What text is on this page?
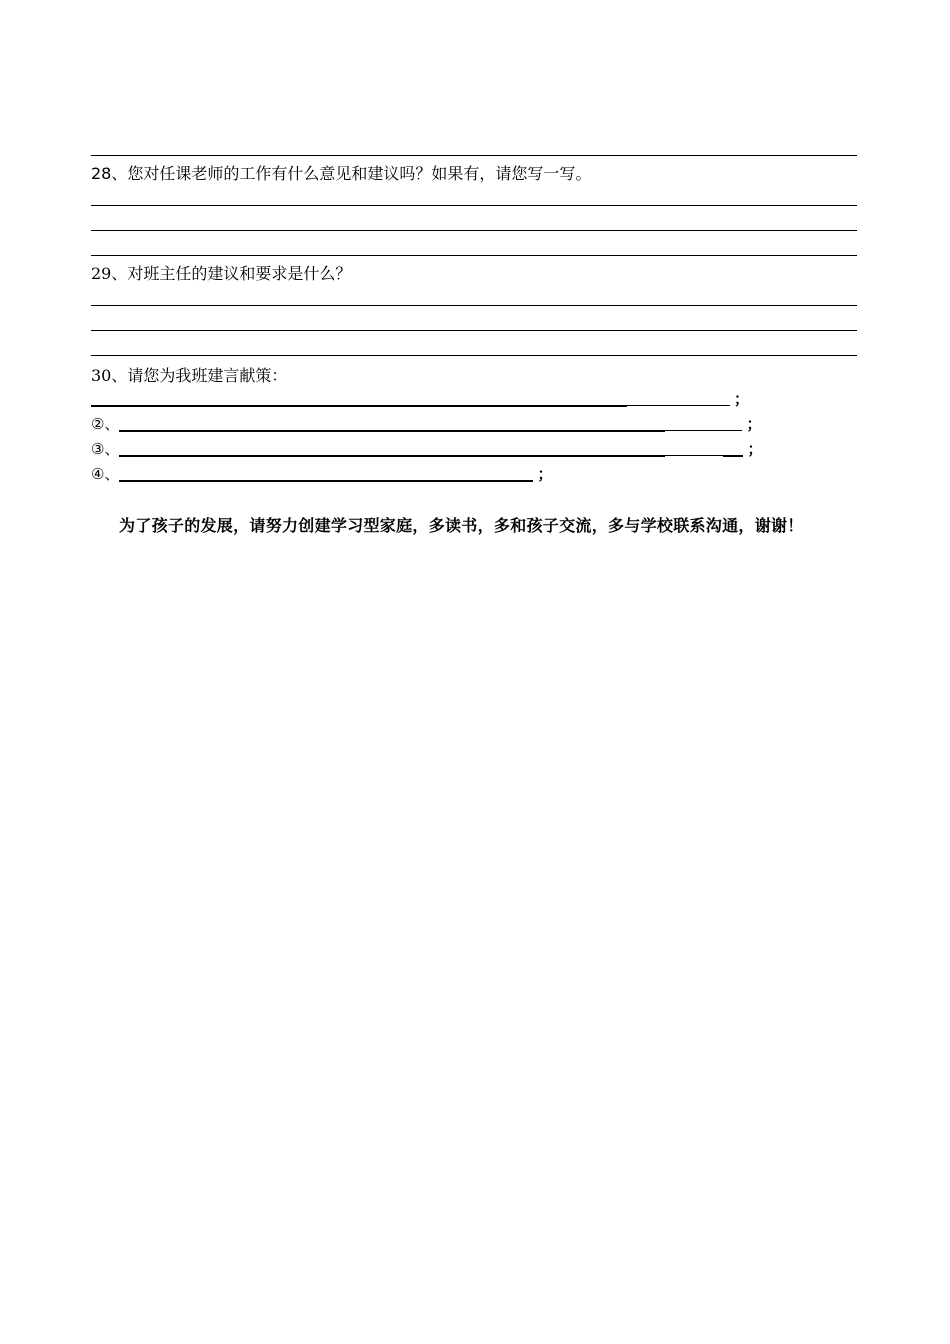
28、您对任课老师的工作有什么意见和建议吗？如果有，请您写一写。
29、对班主任的建议和要求是什么？
30、请您为我班建言献策：
；
②、	；
③、	；
④、	；
为了孩子的发展，请努力创建学习型家庭，多读书，多和孩子交流，多与学校联系沟通，谢谢！
